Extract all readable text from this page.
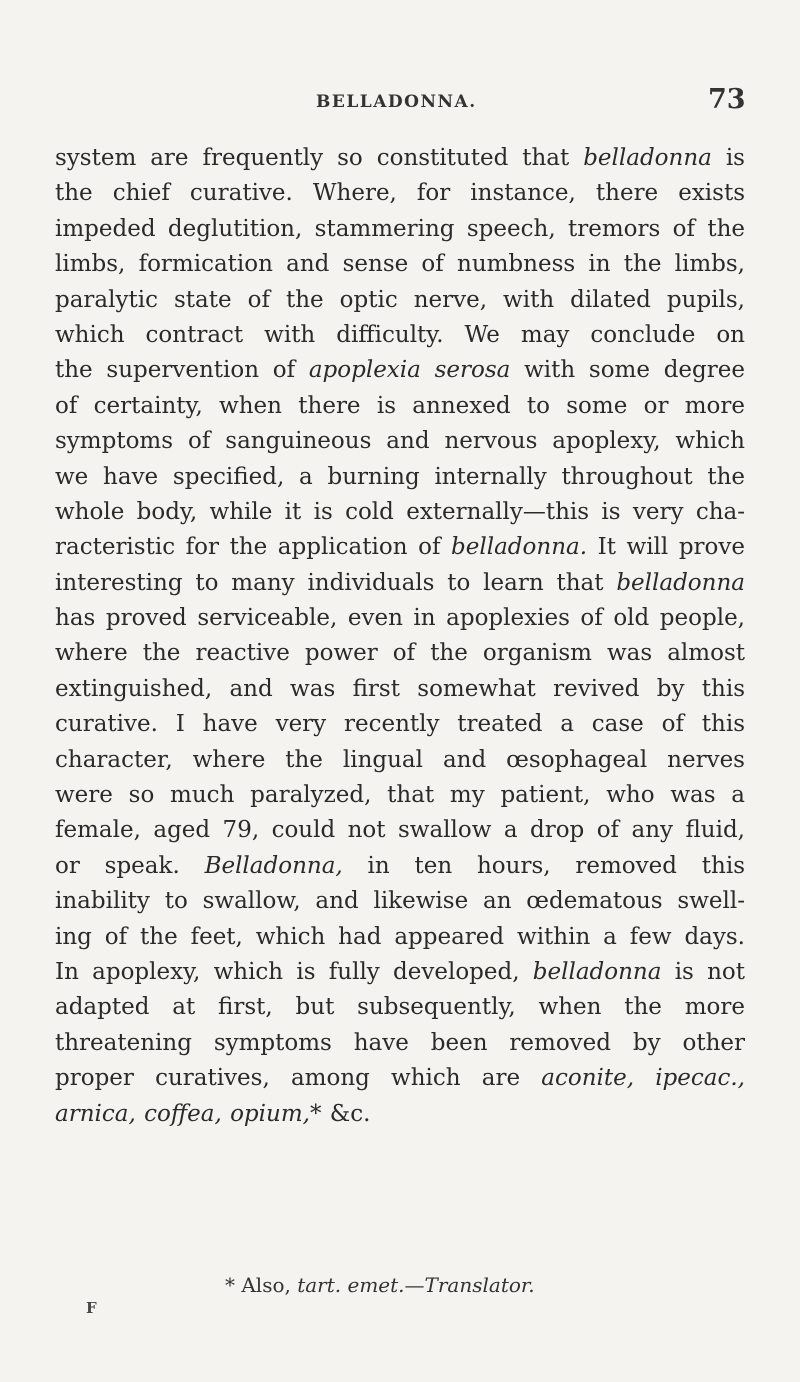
BELLADONNA.	73
system are frequently so constituted that belladonna is
the chief curative. Where, for instance, there exists
impeded deglutition, stammering speech, tremors of the
limbs, formication and sense of numbness in the limbs,
paralytic state of the optic nerve, with dilated pupils,
which contract with difficulty. We may conclude on
the supervention of apoplexia serosa with some degree
of certainty, when there is annexed to some or more
symptoms of sanguineous and nervous apoplexy, which
we have specified, a burning internally throughout the
whole body, while it is cold externally—this is very cha-
racteristic for the application of belladonna. It will prove
interesting to many individuals to learn that belladonna
has proved serviceable, even in apoplexies of old people,
where the reactive power of the organism was almost
extinguished, and was first somewhat revived by this
curative. I have very recently treated a case of this
character, where the lingual and œsophageal nerves
were so much paralyzed, that my patient, who was a
female, aged 79, could not swallow a drop of any fluid,
or speak. Belladonna, in ten hours, removed this
inability to swallow, and likewise an œdematous swell-
ing of the feet, which had appeared within a few days.
In apoplexy, which is fully developed, belladonna is not
adapted at first, but subsequently, when the more
threatening symptoms have been removed by other
proper curatives, among which are aconite, ipecac.,
arnica, coffea, opium,* &c.
* Also, tart. emet.—Translator.
F
